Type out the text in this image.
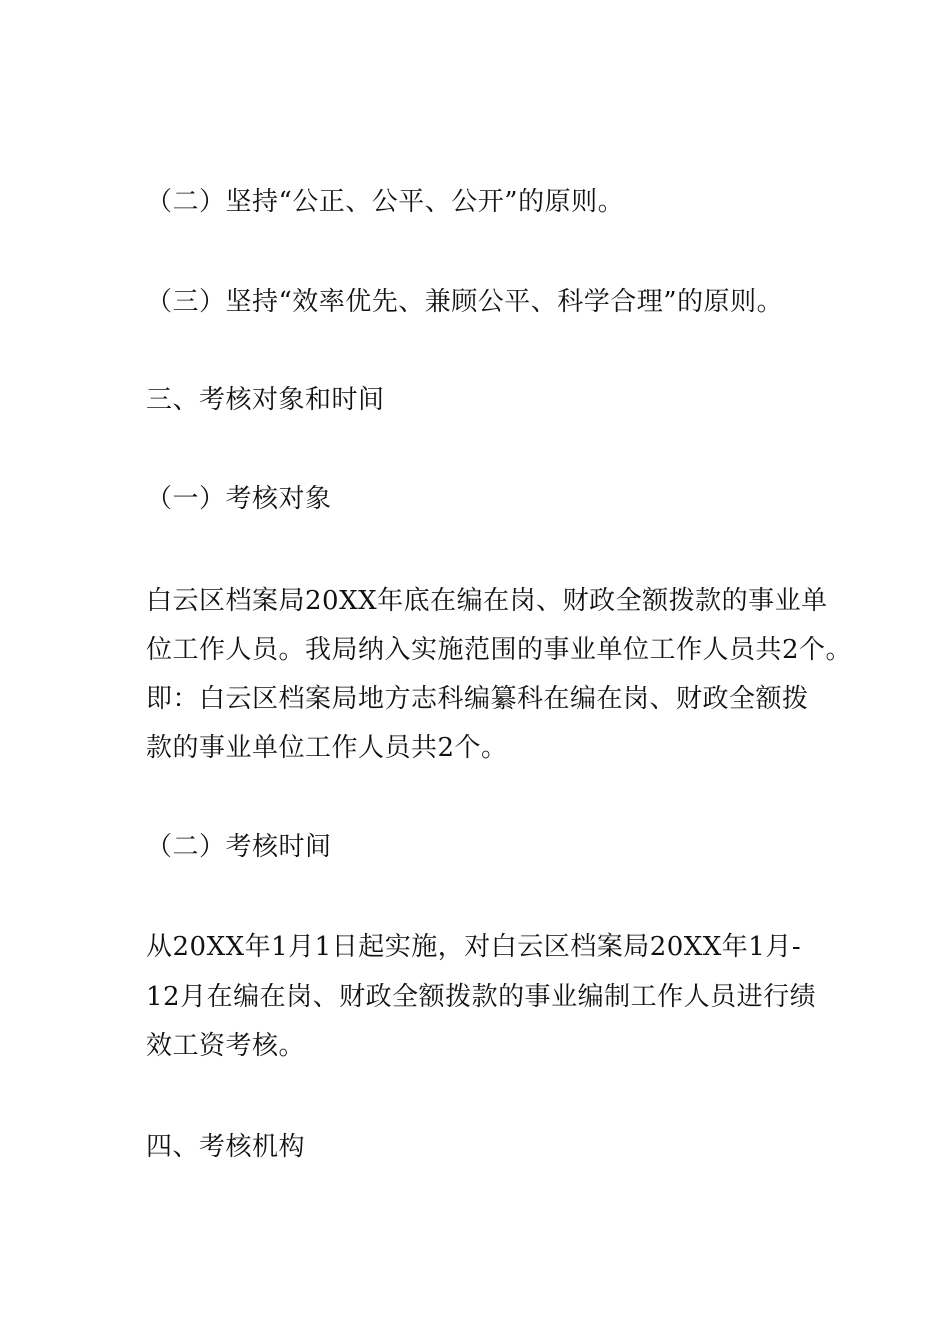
（二）坚持“公正、公平、公开”的原则。

（三）坚持“效率优先、兼顾公平、科学合理”的原则。

三、考核对象和时间

（一）考核对象

白云区档案局20XX年底在编在岗、财政全额拨款的事业单

位工作人员。我局纳入实施范围的事业单位工作人员共2个。

即：白云区档案局地方志科编纂科在编在岗、财政全额拨

款的事业单位工作人员共2个。

（二）考核时间

从20XX年1月1日起实施，对白云区档案局20XX年1月-

12月在编在岗、财政全额拨款的事业编制工作人员进行绩

效工资考核。

四、考核机构
